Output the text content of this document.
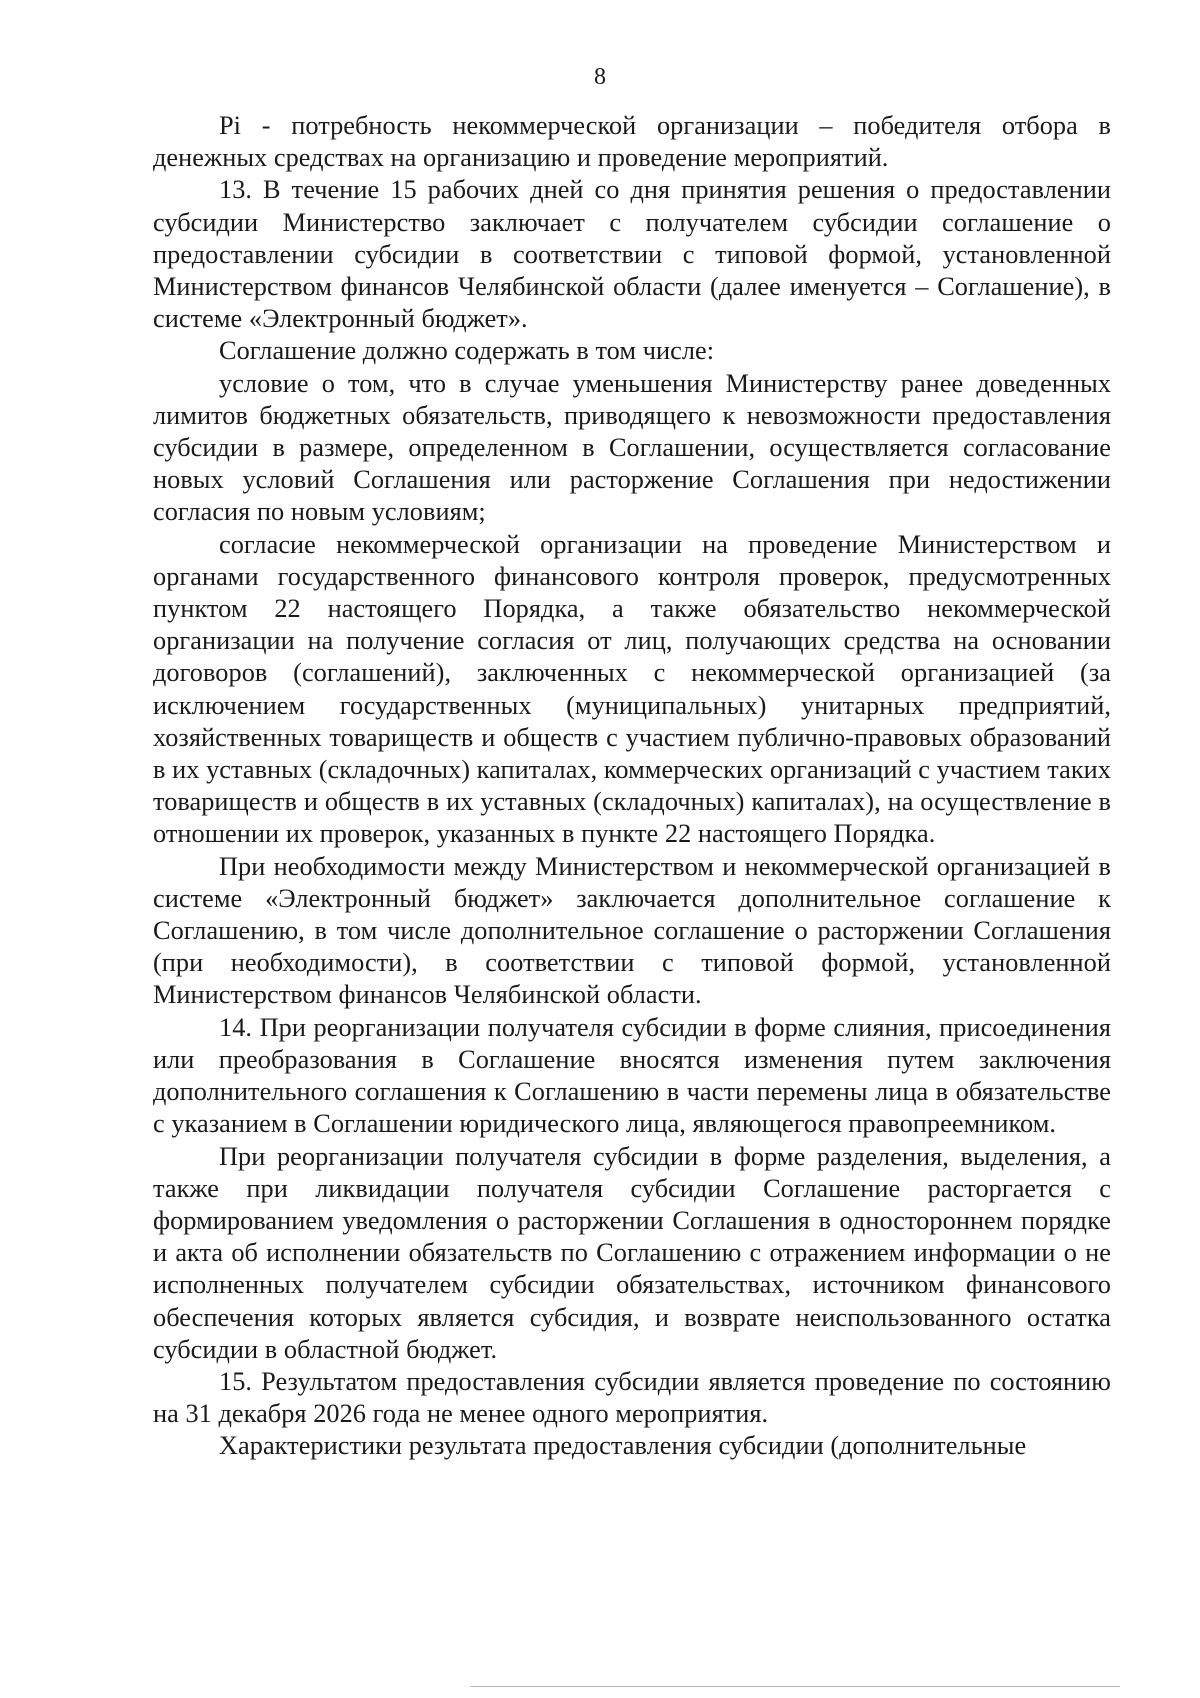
8

Pi - потребность некоммерческой организации – победителя отбора в денежных средствах на организацию и проведение мероприятий.

13. В течение 15 рабочих дней со дня принятия решения о предоставлении субсидии Министерство заключает с получателем субсидии соглашение о предоставлении субсидии в соответствии с типовой формой, установленной Министерством финансов Челябинской области (далее именуется – Соглашение), в системе «Электронный бюджет».

Соглашение должно содержать в том числе:

условие о том, что в случае уменьшения Министерству ранее доведенных лимитов бюджетных обязательств, приводящего к невозможности предоставления субсидии в размере, определенном в Соглашении, осуществляется согласование новых условий Соглашения или расторжение Соглашения при недостижении согласия по новым условиям;

согласие некоммерческой организации на проведение Министерством и органами государственного финансового контроля проверок, предусмотренных пунктом 22 настоящего Порядка, а также обязательство некоммерческой организации на получение согласия от лиц, получающих средства на основании договоров (соглашений), заключенных с некоммерческой организацией (за исключением государственных (муниципальных) унитарных предприятий, хозяйственных товариществ и обществ с участием публично-правовых образований в их уставных (складочных) капиталах, коммерческих организаций с участием таких товариществ и обществ в их уставных (складочных) капиталах), на осуществление в отношении их проверок, указанных в пункте 22 настоящего Порядка.

При необходимости между Министерством и некоммерческой организацией в системе «Электронный бюджет» заключается дополнительное соглашение к Соглашению, в том числе дополнительное соглашение о расторжении Соглашения (при необходимости), в соответствии с типовой формой, установленной Министерством финансов Челябинской области.

14. При реорганизации получателя субсидии в форме слияния, присоединения или преобразования в Соглашение вносятся изменения путем заключения дополнительного соглашения к Соглашению в части перемены лица в обязательстве с указанием в Соглашении юридического лица, являющегося правопреемником.

При реорганизации получателя субсидии в форме разделения, выделения, а также при ликвидации получателя субсидии Соглашение расторгается с формированием уведомления о расторжении Соглашения в одностороннем порядке и акта об исполнении обязательств по Соглашению с отражением информации о не исполненных получателем субсидии обязательствах, источником финансового обеспечения которых является субсидия, и возврате неиспользованного остатка субсидии в областной бюджет.

15. Результатом предоставления субсидии является проведение по состоянию на 31 декабря 2026 года не менее одного мероприятия.

Характеристики результата предоставления субсидии (дополнительные
